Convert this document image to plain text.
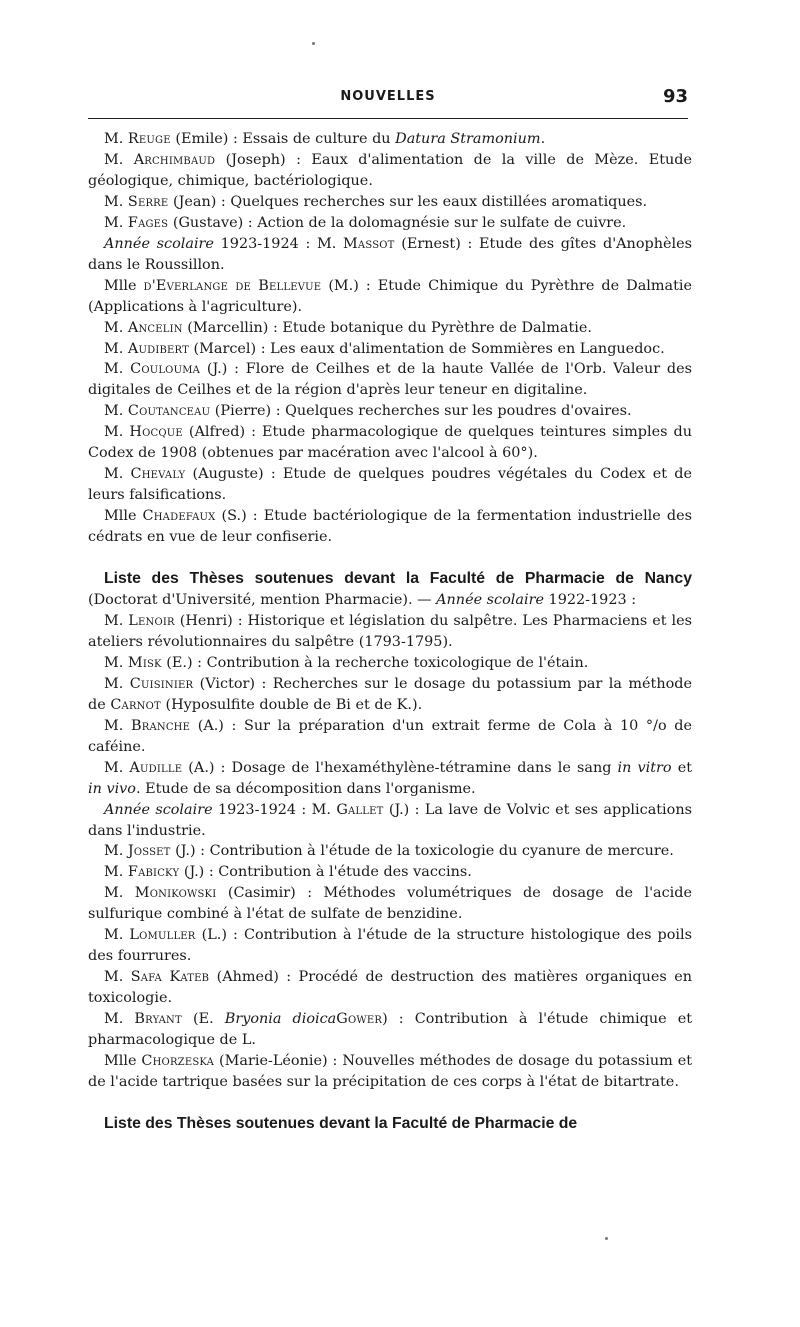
NOUVELLES	93

M. Reuge (Emile) : Essais de culture du Datura Stramonium.

M. Archimbaud (Joseph) : Eaux d'alimentation de la ville de Mèze. Etude géologique, chimique, bactériologique.

M. Serre (Jean) : Quelques recherches sur les eaux distillées aromatiques.

M. Fages (Gustave) : Action de la dolomagnésie sur le sulfate de cuivre.

Année scolaire 1923-1924 : M. Massot (Ernest) : Etude des gîtes d'Anophèles dans le Roussillon.

Mlle d'Everlange de Bellevue (M.) : Etude Chimique du Pyrèthre de Dalmatie (Applications à l'agriculture).

M. Ancelin (Marcellin) : Etude botanique du Pyrèthre de Dalmatie.

M. Audibert (Marcel) : Les eaux d'alimentation de Sommières en Languedoc.

M. Coulouma (J.) : Flore de Ceilhes et de la haute Vallée de l'Orb. Valeur des digitales de Ceilhes et de la région d'après leur teneur en digitaline.

M. Coutanceau (Pierre) : Quelques recherches sur les poudres d'ovaires.

M. Hocque (Alfred) : Etude pharmacologique de quelques teintures simples du Codex de 1908 (obtenues par macération avec l'alcool à 60°).

M. Chevaly (Auguste) : Etude de quelques poudres végétales du Codex et de leurs falsifications.

Mlle Chadefaux (S.) : Etude bactériologique de la fermentation industrielle des cédrats en vue de leur confiserie.

Liste des Thèses soutenues devant la Faculté de Pharmacie de Nancy (Doctorat d'Université, mention Pharmacie). — Année scolaire 1922-1923 :

M. Lenoir (Henri) : Historique et législation du salpêtre. Les Pharmaciens et les ateliers révolutionnaires du salpêtre (1793-1795).

M. Misk (E.) : Contribution à la recherche toxicologique de l'étain.

M. Cuisinier (Victor) : Recherches sur le dosage du potassium par la méthode de Carnot (Hyposulfite double de Bi et de K.).

M. Branche (A.) : Sur la préparation d'un extrait ferme de Cola à 10 °/o de caféine.

M. Audille (A.) : Dosage de l'hexaméthylène-tétramine dans le sang in vitro et in vivo. Etude de sa décomposition dans l'organisme.

Année scolaire 1923-1924 : M. Gallet (J.) : La lave de Volvic et ses applications dans l'industrie.

M. Josset (J.) : Contribution à l'étude de la toxicologie du cyanure de mercure.

M. Fabicky (J.) : Contribution à l'étude des vaccins.

M. Monikowski (Casimir) : Méthodes volumétriques de dosage de l'acide sulfurique combiné à l'état de sulfate de benzidine.

M. Lomuller (L.) : Contribution à l'étude de la structure histologique des poils des fourrures.

M. Safa Kateb (Ahmed) : Procédé de destruction des matières organiques en toxicologie.

M. Bryant (E. Bryonia dioicaGower) : Contribution à l'étude chimique et pharmacologique de L.

Mlle Chorzeska (Marie-Léonie) : Nouvelles méthodes de dosage du potassium et de l'acide tartrique basées sur la précipitation de ces corps à l'état de bitartrate.

Liste des Thèses soutenues devant la Faculté de Pharmacie de
